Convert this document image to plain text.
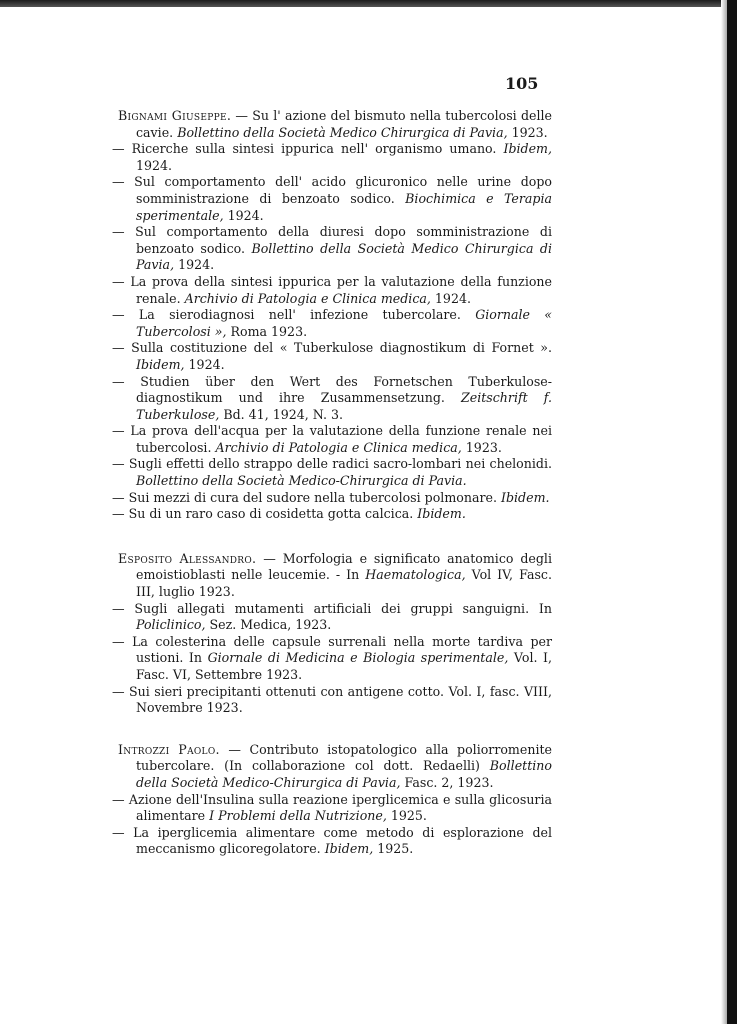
105

Bignami Giuseppe. — Su l' azione del bismuto nella tubercolosi delle cavie. Bollettino della Società Medico Chirurgica di Pavia, 1923.

— Ricerche sulla sintesi ippurica nell' organismo umano. Ibidem, 1924.

— Sul comportamento dell' acido glicuronico nelle urine dopo somministrazione di benzoato sodico. Biochimica e Terapia sperimentale, 1924.

— Sul comportamento della diuresi dopo somministrazione di benzoato sodico. Bollettino della Società Medico Chirurgica di Pavia, 1924.

— La prova della sintesi ippurica per la valutazione della funzione renale. Archivio di Patologia e Clinica medica, 1924.

— La sierodiagnosi nell' infezione tubercolare. Giornale « Tubercolosi », Roma 1923.

— Sulla costituzione del « Tuberkulose diagnostikum di Fornet ». Ibidem, 1924.

— Studien über den Wert des Fornetschen Tuberkulose-diagnostikum und ihre Zusammensetzung. Zeitschrift f. Tuberkulose, Bd. 41, 1924, N. 3.

— La prova dell'acqua per la valutazione della funzione renale nei tubercolosi. Archivio di Patologia e Clinica medica, 1923.

— Sugli effetti dello strappo delle radici sacro-lombari nei chelonidi. Bollettino della Società Medico-Chirurgica di Pavia.

— Sui mezzi di cura del sudore nella tubercolosi polmonare. Ibidem.

— Su di un raro caso di cosidetta gotta calcica. Ibidem.

Esposito Alessandro. — Morfologia e significato anatomico degli emoistioblasti nelle leucemie. - In Haematologica, Vol IV, Fasc. III, luglio 1923.

— Sugli allegati mutamenti artificiali dei gruppi sanguigni. In Policlinico, Sez. Medica, 1923.

— La colesterina delle capsule surrenali nella morte tardiva per ustioni. In Giornale di Medicina e Biologia sperimentale, Vol. I, Fasc. VI, Settembre 1923.

— Sui sieri precipitanti ottenuti con antigene cotto. Vol. I, fasc. VIII, Novembre 1923.

Introzzi Paolo. — Contributo istopatologico alla poliorromenite tubercolare. (In collaborazione col dott. Redaelli) Bollettino della Società Medico-Chirurgica di Pavia, Fasc. 2, 1923.

— Azione dell'Insulina sulla reazione iperglicemica e sulla glicosuria alimentare I Problemi della Nutrizione, 1925.

— La iperglicemia alimentare come metodo di esplorazione del meccanismo glicoregolatore. Ibidem, 1925.
